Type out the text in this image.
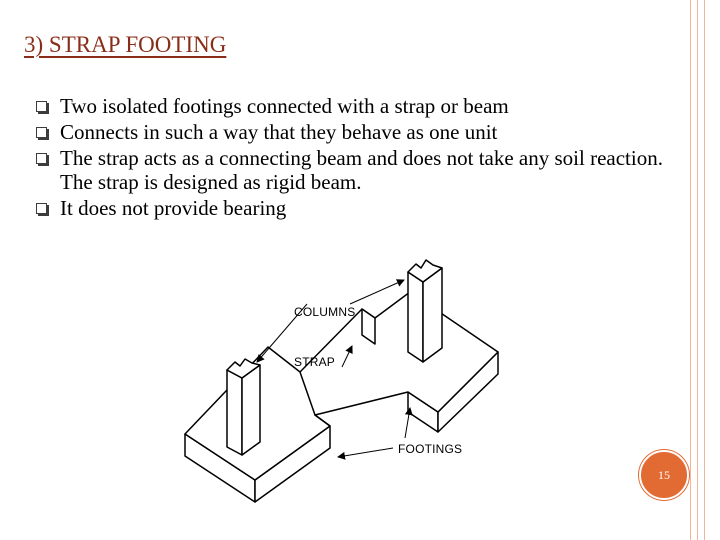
3) STRAP FOOTING
Two isolated footings connected with a strap or beam
Connects in such a way that they behave as one unit
The strap acts as a connecting beam and does not take any soil reaction. The strap is designed as rigid beam.
It does not provide bearing
COLUMNS
STRAP
FOOTINGS
15
